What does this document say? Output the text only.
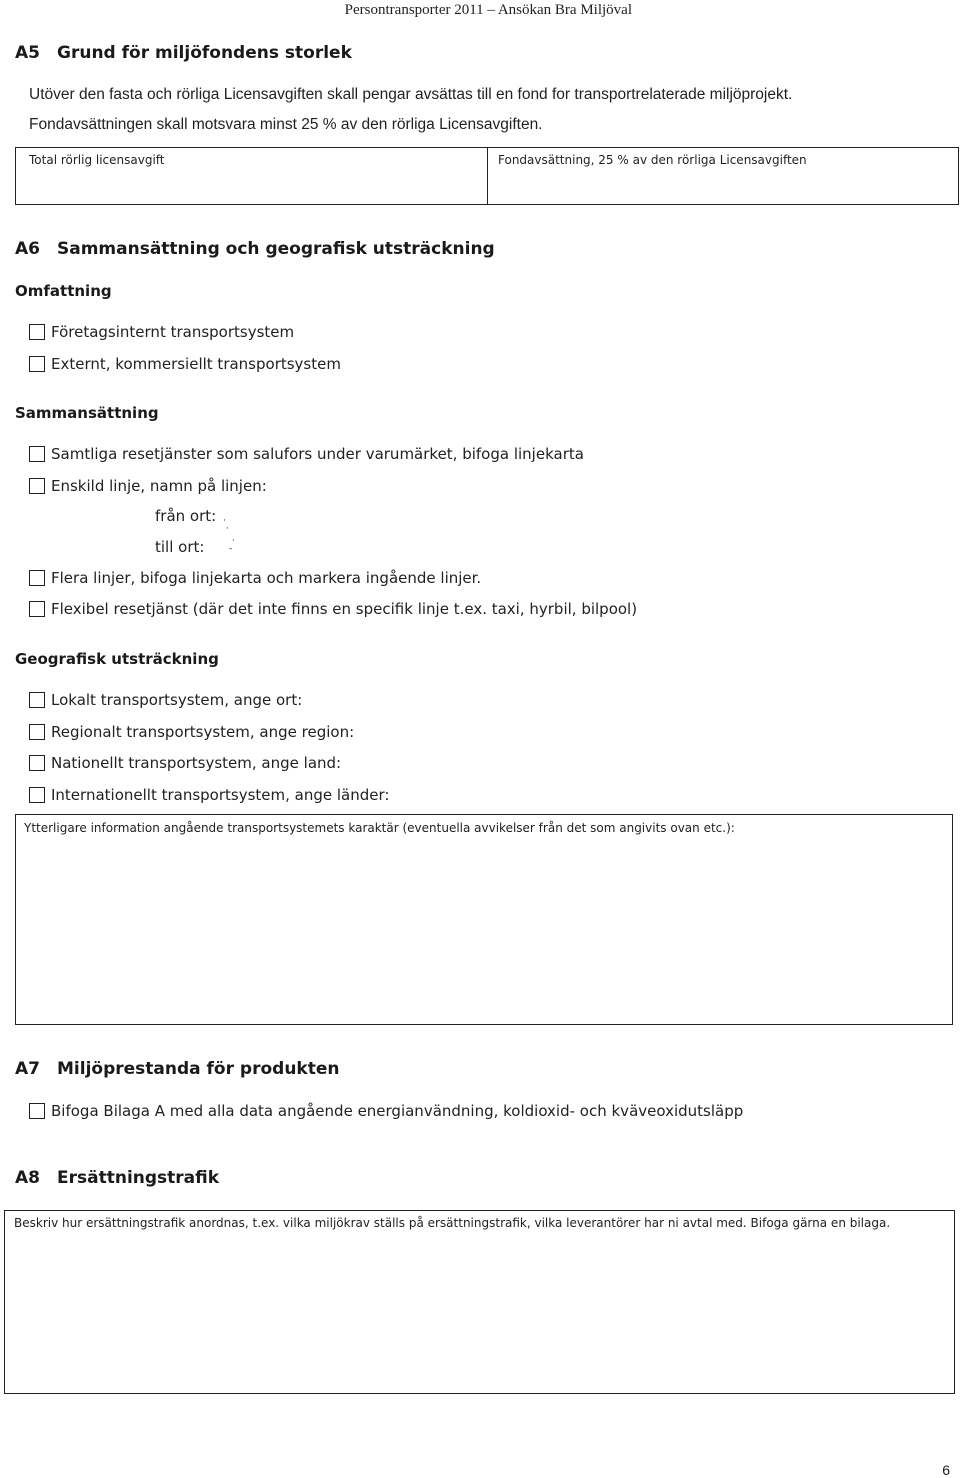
Persontransporter 2011 – Ansökan Bra Miljöval
A5 Grund för miljöfondens storlek
Utöver den fasta och rörliga Licensavgiften skall pengar avsättas till en fond for transportrelaterade miljöprojekt.
Fondavsättningen skall motsvara minst 25 % av den rörliga Licensavgiften.
Total rörlig licensavgift	Fondavsättning, 25 % av den rörliga Licensavgiften
A6 Sammansättning och geografisk utsträckning
Omfattning
Företagsinternt transportsystem
Externt, kommersiellt transportsystem
Sammansättning
Samtliga resetjänster som salufors under varumärket, bifoga linjekarta
Enskild linje, namn på linjen:
från ort: ·
·
till ort:	·
-
Flera linjer, bifoga linjekarta och markera ingående linjer.
Flexibel resetjänst (där det inte finns en specifik linje t.ex. taxi, hyrbil, bilpool)
Geografisk utsträckning
Lokalt transportsystem, ange ort:
Regionalt transportsystem, ange region:
Nationellt transportsystem, ange land:
Internationellt transportsystem, ange länder:
Ytterligare information angående transportsystemets karaktär (eventuella avvikelser från det som angivits ovan etc.):
A7 Miljöprestanda för produkten
Bifoga Bilaga A med alla data angående energianvändning, koldioxid- och kväveoxidutsläpp
A8 Ersättningstrafik
Beskriv hur ersättningstrafik anordnas, t.ex. vilka miljökrav ställs på ersättningstrafik, vilka leverantörer har ni avtal med. Bifoga gärna en bilaga.
6
